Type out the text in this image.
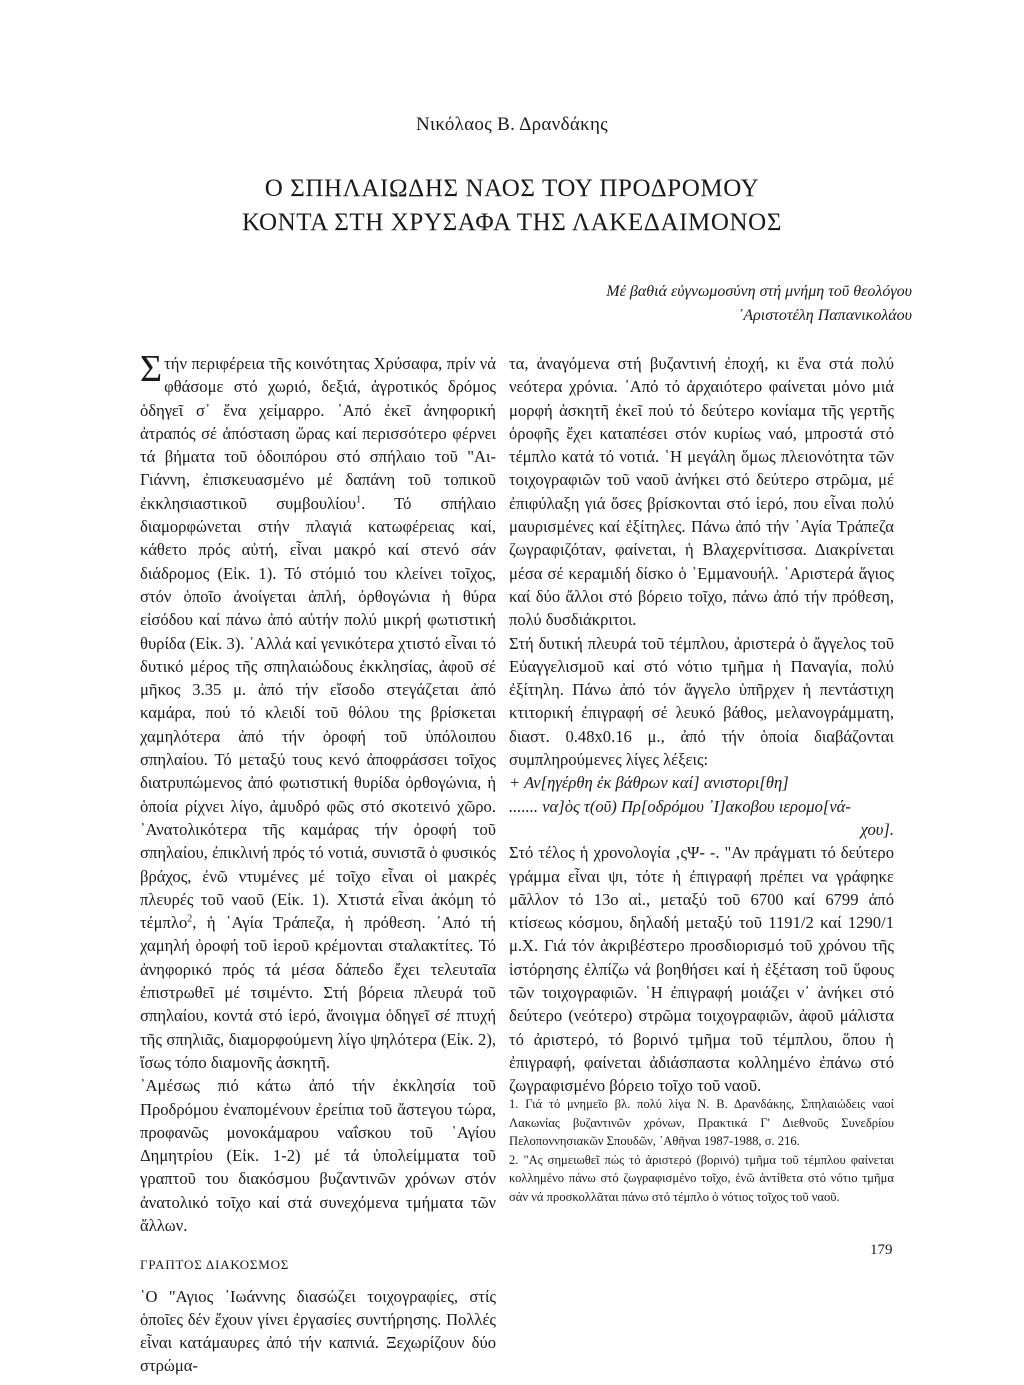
Νικόλαος Β. Δρανδάκης
Ο ΣΠΗΛΑΙΩΔΗΣ ΝΑΟΣ ΤΟΥ ΠΡΟΔΡΟΜΟΥ
ΚΟΝΤΑ ΣΤΗ ΧΡΥΣΑΦΑ ΤΗΣ ΛΑΚΕΔΑΙΜΟΝΟΣ
Μέ βαθιά εὐγνωμοσύνη στή μνήμη τοῦ θεολόγου
᾿Αριστοτέλη Παπανικολάου

Στήν περιφέρεια τῆς κοινότητας Χρύσαφα, πρίν νά φθάσομε στό χωριό, δεξιά, ἀγροτικός δρόμος ὁδηγεῖ σ᾿ ἕνα χείμαρρο. ᾿Από ἐκεῖ ἀνηφορική ἀτραπός σέ ἀπόσταση ὥρας καί περισσότερο φέρνει τά βήματα τοῦ ὁδοιπόρου στό σπήλαιο τοῦ "Αι-Γιάννη, ἐπισκευασμένο μέ δαπάνη τοῦ τοπικοῦ ἐκκλησιαστικοῦ συμβουλίου$^1$. Τό σπήλαιο διαμορφώνεται στήν πλαγιά κατωφέρειας καί, κάθετο πρός αὐτή, εἶναι μακρό καί στενό σάν διάδρομος (Εἰκ. 1). Τό στόμιό του κλείνει τοῖχος, στόν ὁποῖο ἀνοίγεται ἁπλή, ὀρθογώνια ἡ θύρα εἰσόδου καί πάνω ἀπό αὐτήν πολύ μικρή φωτιστική θυρίδα (Εἰκ. 3). ᾿Αλλά καί γενικότερα χτιστό εἶναι τό δυτικό μέρος τῆς σπηλαιώδους ἐκκλησίας, ἀφοῦ σέ μῆκος 3.35 μ. ἀπό τήν εἴσοδο στεγάζεται ἀπό καμάρα, πού τό κλειδί τοῦ θόλου της βρίσκεται χαμηλότερα ἀπό τήν ὀροφή τοῦ ὑπόλοιπου σπηλαίου. Τό μεταξύ τους κενό ἀποφράσσει τοῖχος διατρυπώμενος ἀπό φωτιστική θυρίδα ὀρθογώνια, ἡ ὁποία ρίχνει λίγο, ἀμυδρό φῶς στό σκοτεινό χῶρο. ᾿Ανατολικότερα τῆς καμάρας τήν ὀροφή τοῦ σπηλαίου, ἐπικλινή πρός τό νοτιά, συνιστᾶ ὁ φυσικός βράχος, ἐνῶ ντυμένες μέ τοῖχο εἶναι οἱ μακρές πλευρές τοῦ ναοῦ (Εἰκ. 1). Χτιστά εἶναι ἀκόμη τό τέμπλο$^2$, ἡ ῾Αγία Τράπεζα, ἡ πρόθεση. ᾿Από τή χαμηλή ὀροφή τοῦ ἱεροῦ κρέμονται σταλακτίτες. Τό ἀνηφορικό πρός τά μέσα δάπεδο ἔχει τελευταῖα ἐπιστρωθεῖ μέ τσιμέντο. Στή βόρεια πλευρά τοῦ σπηλαίου, κοντά στό ἱερό, ἄνοιγμα ὁδηγεῖ σέ πτυχή τῆς σπηλιᾶς, διαμορφούμενη λίγο ψηλότερα (Εἰκ. 2), ἴσως τόπο διαμονῆς ἀσκητῆ.

᾿Αμέσως πιό κάτω ἀπό τήν ἐκκλησία τοῦ Προδρόμου ἐναπομένουν ἐρείπια τοῦ ἄστεγου τώρα, προφανῶς μονοκάμαρου ναΐσκου τοῦ ῾Αγίου Δημητρίου (Εἰκ. 1-2) μέ τά ὑπολείμματα τοῦ γραπτοῦ του διακόσμου βυζαντινῶν χρόνων στόν ἀνατολικό τοῖχο καί στά συνεχόμενα τμήματα τῶν ἄλλων.

ΓΡΑΠΤΟΣ ΔΙΑΚΟΣΜΟΣ

῾Ο "Αγιος ᾿Ιωάννης διασώζει τοιχογραφίες, στίς ὁποῖες δέν ἔχουν γίνει ἐργασίες συντήρησης. Πολλές εἶναι κατάμαυρες ἀπό τήν καπνιά. Ξεχωρίζουν δύο στρώμα-

τα, ἀναγόμενα στή βυζαντινή ἐποχή, κι ἕνα στά πολύ νεότερα χρόνια. ᾿Από τό ἀρχαιότερο φαίνεται μόνο μιά μορφή ἀσκητῆ ἐκεῖ πού τό δεύτερο κονίαμα τῆς γερτῆς ὀροφῆς ἔχει καταπέσει στόν κυρίως ναό, μπροστά στό τέμπλο κατά τό νοτιά. ῾Η μεγάλη ὅμως πλειονότητα τῶν τοιχογραφιῶν τοῦ ναοῦ ἀνήκει στό δεύτερο στρῶμα, μέ ἐπιφύλαξη γιά ὅσες βρίσκονται στό ἱερό, που εἶναι πολύ μαυρισμένες καί ἐξίτηλες. Πάνω ἀπό τήν ῾Αγία Τράπεζα ζωγραφιζόταν, φαίνεται, ἡ Βλαχερνίτισσα. Διακρίνεται μέσα σέ κεραμιδή δίσκο ὁ ᾿Εμμανουήλ. ᾿Αριστερά ἅγιος καί δύο ἄλλοι στό βόρειο τοῖχο, πάνω ἀπό τήν πρόθεση, πολύ δυσδιάκριτοι.

Στή δυτική πλευρά τοῦ τέμπλου, ἀριστερά ὁ ἄγγελος τοῦ Εὐαγγελισμοῦ καί στό νότιο τμῆμα ἡ Παναγία, πολύ ἐξίτηλη. Πάνω ἀπό τόν ἄγγελο ὑπῆρχεν ἡ πεντάστιχη κτιτορική ἐπιγραφή σέ λευκό βάθος, μελανογράμματη, διαστ. 0.48x0.16 μ., ἀπό τήν ὁποία διαβάζονται συμπληρούμενες λίγες λέξεις:

+ Αν[ηγέρθη ἐκ βάθρων καί] ανιστορι[θη]

....... να]ὸς τ(οῦ) Πρ[οδρόμου ᾿Ι]ακοβου ιερομο[νά-

χου].

Στό τέλος ἡ χρονολογία ‚ςΨ- -. "Αν πράγματι τό δεύτερο γράμμα εἶναι ψι, τότε ἡ ἐπιγραφή πρέπει να γράφηκε μᾶλλον τό 13ο αἰ., μεταξύ τοῦ 6700 καί 6799 ἀπό κτίσεως κόσμου, δηλαδή μεταξύ τοῦ 1191/2 καί 1290/1 μ.Χ. Γιά τόν ἀκριβέστερο προσδιορισμό τοῦ χρόνου τῆς ἱστόρησης ἐλπίζω νά βοηθήσει καί ἡ ἐξέταση τοῦ ὕφους τῶν τοιχογραφιῶν. ῾Η ἐπιγραφή μοιάζει ν᾿ ἀνήκει στό δεύτερο (νεότερο) στρῶμα τοιχογραφιῶν, ἀφοῦ μάλιστα τό ἀριστερό, τό βορινό τμῆμα τοῦ τέμπλου, ὅπου ἡ ἐπιγραφή, φαίνεται ἀδιάσπαστα κολλημένο ἐπάνω στό ζωγραφισμένο βόρειο τοῖχο τοῦ ναοῦ.

1. Γιά τό μνημεῖο βλ. πολύ λίγα Ν. Β. Δρανδάκης, Σπηλαιώδεις ναοί Λακωνίας βυζαντινῶν χρόνων, Πρακτικά Γ' Διεθνοῦς Συνεδρίου Πελοποννησιακῶν Σπουδῶν, ᾿Αθῆναι 1987-1988, σ. 216.

2. "Ας σημειωθεῖ πώς τό ἀριστερό (βορινό) τμῆμα τοῦ τέμπλου φαίνεται κολλημένο πάνω στό ζωγραφισμένο τοῖχο, ἐνῶ ἀντίθετα στό νότιο τμῆμα σάν νά προσκολλᾶται πάνω στό τέμπλο ὁ νότιος τοῖχος τοῦ ναοῦ.

179
